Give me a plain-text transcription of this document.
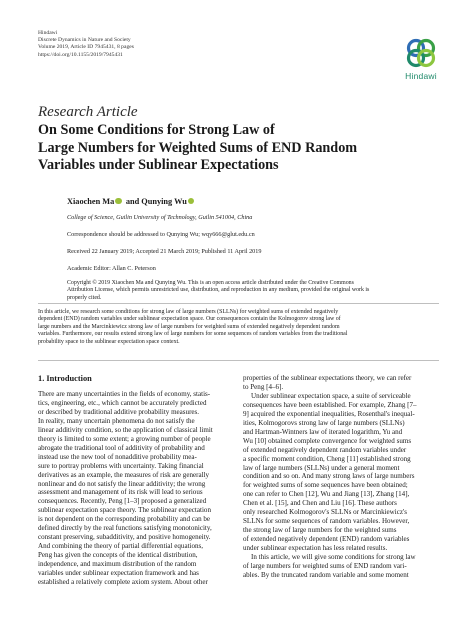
Hindawi
Discrete Dynamics in Nature and Society
Volume 2019, Article ID 7945431, 8 pages
https://doi.org/10.1155/2019/7945431
Hindawi
Research Article
On Some Conditions for Strong Law of
Large Numbers for Weighted Sums of END Random
Variables under Sublinear Expectations
Xiaochen Ma and Qunying Wu
College of Science, Guilin University of Technology, Guilin 541004, China
Correspondence should be addressed to Qunying Wu; wqy666@glut.edu.cn
Received 22 January 2019; Accepted 21 March 2019; Published 11 April 2019
Academic Editor: Allan C. Peterson
Copyright © 2019 Xiaochen Ma and Qunying Wu. This is an open access article distributed under the Creative Commons
Attribution License, which permits unrestricted use, distribution, and reproduction in any medium, provided the original work is
properly cited.
In this article, we research some conditions for strong law of large numbers (SLLNs) for weighted sums of extended negatively
dependent (END) random variables under sublinear expectation space. Our consequences contain the Kolmogorov strong law of
large numbers and the Marcinkiewicz strong law of large numbers for weighted sums of extended negatively dependent random
variables. Furthermore, our results extend strong law of large numbers for some sequences of random variables from the traditional
probability space to the sublinear expectation space context.
1. Introduction
There are many uncertainties in the fields of economy, statis-
tics, engineering, etc., which cannot be accurately predicted
or described by traditional additive probability measures.
In reality, many uncertain phenomena do not satisfy the
linear additivity condition, so the application of classical limit
theory is limited to some extent; a growing number of people
abrogate the traditional tool of additivity of probability and
instead use the new tool of nonadditive probability mea-
sure to portray problems with uncertainty. Taking financial
derivatives as an example, the measures of risk are generally
nonlinear and do not satisfy the linear additivity; the wrong
assessment and management of its risk will lead to serious
consequences. Recently, Peng [1–3] proposed a generalized
sublinear expectation space theory. The sublinear expectation
is not dependent on the corresponding probability and can be
defined directly by the real functions satisfying monotonicity,
constant preserving, subadditivity, and positive homogeneity.
And combining the theory of partial differential equations,
Peng has given the concepts of the identical distribution,
independence, and maximum distribution of the random
variables under sublinear expectation framework and has
established a relatively complete axiom system. About other
properties of the sublinear expectations theory, we can refer
to Peng [4–6].
Under sublinear expectation space, a suite of serviceable
consequences have been established. For example, Zhang [7–
9] acquired the exponential inequalities, Rosenthal's inequal-
ities, Kolmogorovs strong law of large numbers (SLLNs)
and Hartman-Wintners law of iterated logarithm, Yu and
Wu [10] obtained complete convergence for weighted sums
of extended negatively dependent random variables under
a specific moment condition, Cheng [11] established strong
law of large numbers (SLLNs) under a general moment
condition and so on. And many strong laws of large numbers
for weighted sums of some sequences have been obtained;
one can refer to Chen [12], Wu and Jiang [13], Zhang [14],
Chen et al. [15], and Chen and Liu [16]. These authors
only researched Kolmogorov's SLLNs or Marcinkiewicz's
SLLNs for some sequences of random variables. However,
the strong law of large numbers for the weighted sums
of extended negatively dependent (END) random variables
under sublinear expectation has less related results.
In this article, we will give some conditions for strong law
of large numbers for weighted sums of END random vari-
ables. By the truncated random variable and some moment
